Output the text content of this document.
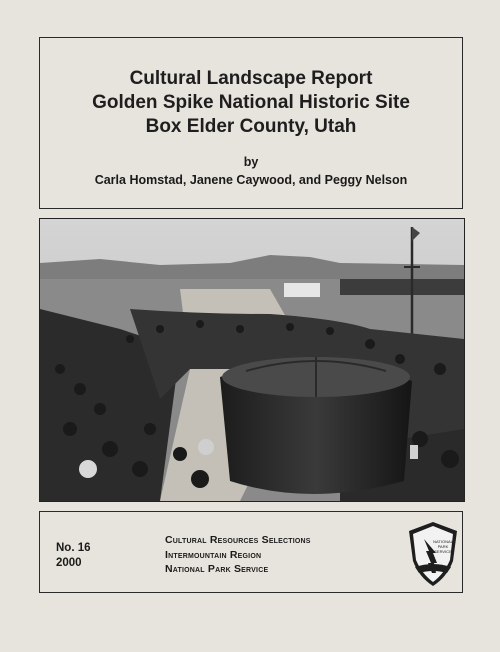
Cultural Landscape Report
Golden Spike National Historic Site
Box Elder County, Utah
by
Carla Homstad, Janene Caywood, and Peggy Nelson
No. 16
2000
Cultural Resources Selections
Intermountain Region
National Park Service
NATIONAL
PARK
SERVICE
